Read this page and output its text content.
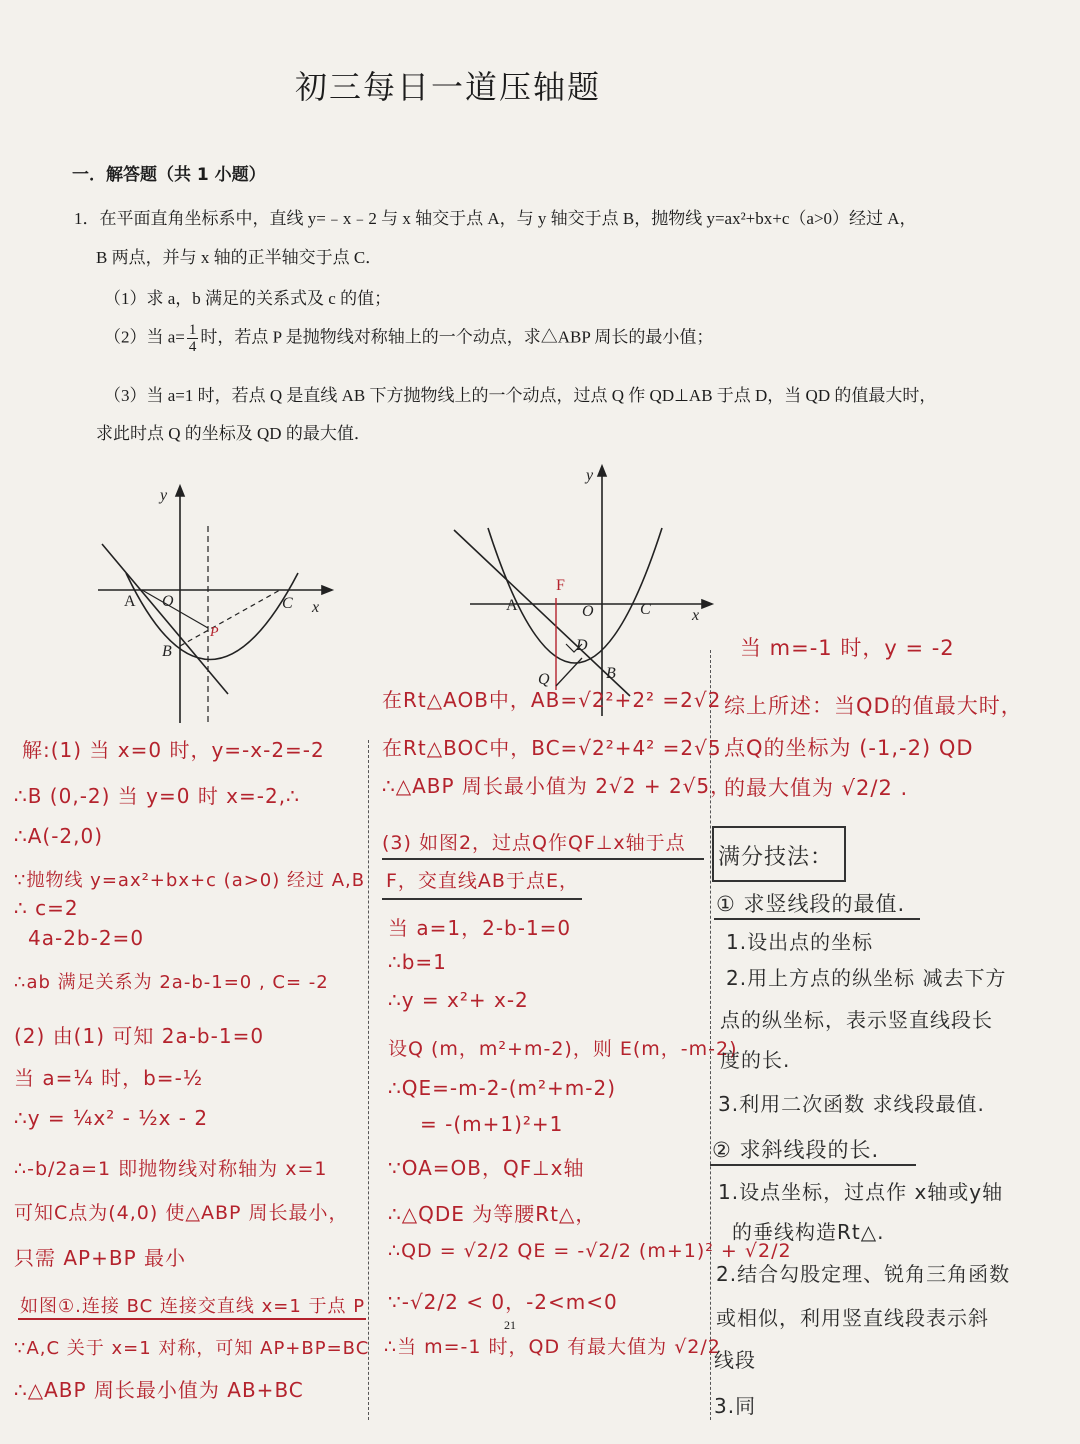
初三每日一道压轴题
一．解答题（共 1 小题）
1．在平面直角坐标系中，直线 y=﹣x﹣2 与 x 轴交于点 A，与 y 轴交于点 B，抛物线 y=ax²+bx+c（a>0）经过 A，
B 两点，并与 x 轴的正半轴交于点 C．
（1）求 a，b 满足的关系式及 c 的值；
（2）当 $a= \frac{1}{4}$ 时，若点 P 是抛物线对称轴上的一个动点，求△ABP 周长的最小值；
（3）当 a=1 时，若点 Q 是直线 AB 下方抛物线上的一个动点，过点 Q 作 QD⊥AB 于点 D，当 QD 的值最大时，
求此时点 Q 的坐标及 QD 的最大值．
y
x
A O	C
B
P
y
x
A	O	C
B
F
D
Q
解:(1) 当 x=0 时，y=-x-2=-2
∴B (0,-2) 当 y=0 时 x=-2,∴
∴A(-2,0)
∵抛物线 y=ax²+bx+c (a>0) 经过 A,B
∴ c=2
4a-2b-2=0
∴ab 满足关系为 2a-b-1=0 , C= -2
(2) 由(1) 可知 2a-b-1=0
当 a=¼ 时，b=-½
∴y = ¼x² - ½x - 2
∴-b/2a=1 即抛物线对称轴为 x=1
可知C点为(4,0) 使△ABP 周长最小，
只需 AP+BP 最小
如图①.连接 BC 连接交直线 x=1 于点 P
∵A,C 关于 x=1 对称，可知 AP+BP=BC
∴△ABP 周长最小值为 AB+BC
在Rt△AOB中，AB=√2²+2² =2√2
在Rt△BOC中，BC=√2²+4² =2√5
∴△ABP 周长最小值为 2√2 + 2√5，
(3) 如图2，过点Q作QF⊥x轴于点
F，交直线AB于点E，
当 a=1，2-b-1=0
∴b=1
∴y = x²+ x-2
设Q (m，m²+m-2)，则 E(m，-m-2)
∴QE=-m-2-(m²+m-2)
= -(m+1)²+1
∵OA=OB，QF⊥x轴
∴△QDE 为等腰Rt△，
∴QD = √2/2 QE = -√2/2 (m+1)² + √2/2
∵-√2/2 < 0，-2<m<0
∴当 m=-1 时，QD 有最大值为 √2/2
当 m=-1 时，y = -2
综上所述：当QD的值最大时，
点Q的坐标为 (-1,-2) QD
的最大值为 √2/2 .
满分技法：
① 求竖线段的最值.
1.设出点的坐标
2.用上方点的纵坐标 减去下方
点的纵坐标，表示竖直线段长
度的长.
3.利用二次函数 求线段最值.
② 求斜线段的长.
1.设点坐标，过点作 x轴或y轴
的垂线构造Rt△.
2.结合勾股定理、锐角三角函数
或相似，利用竖直线段表示斜
线段
3.同
21
